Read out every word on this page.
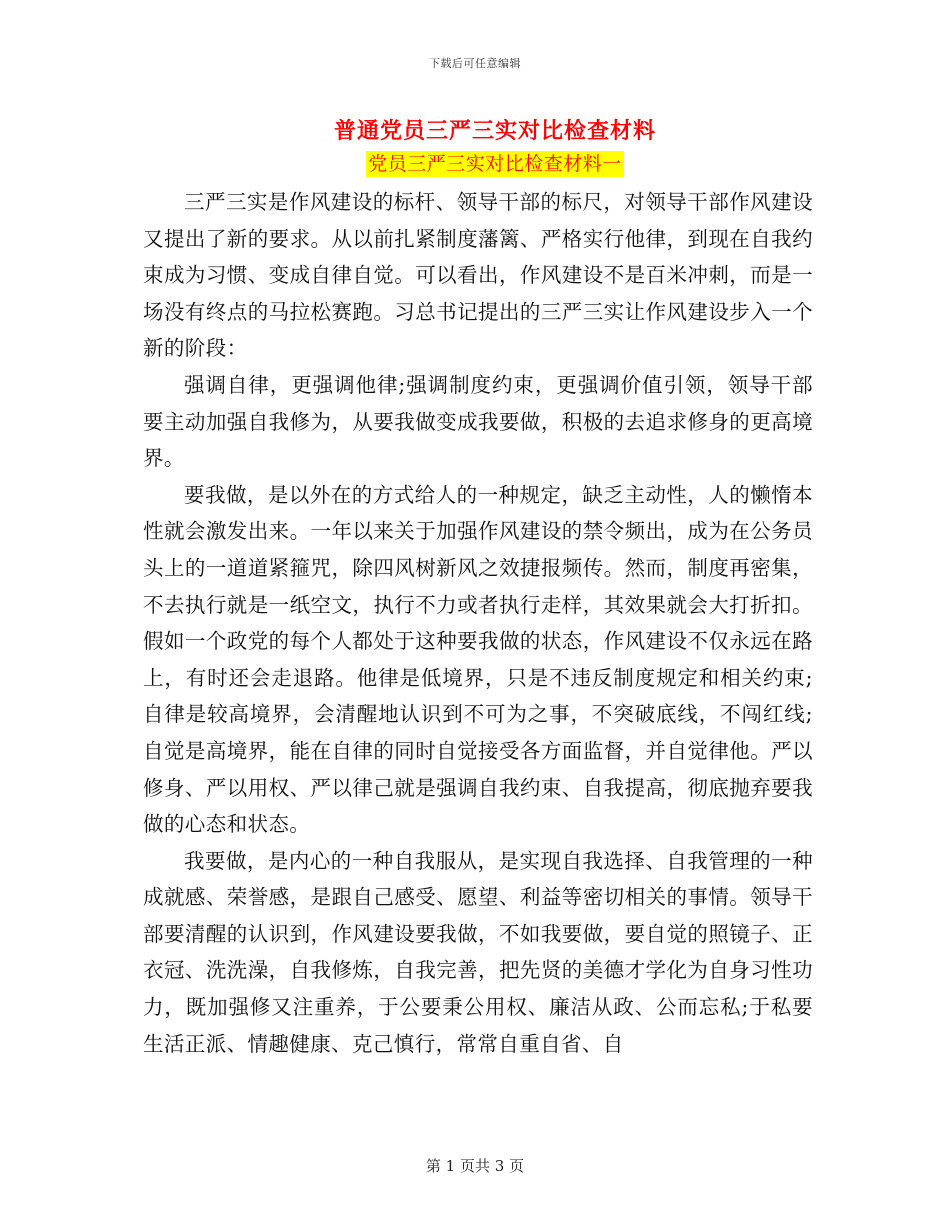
下载后可任意编辑
普通党员三严三实对比检查材料
党员三严三实对比检查材料一

三严三实是作风建设的标杆、领导干部的标尺，对领导干部作风建设又提出了新的要求。从以前扎紧制度藩篱、严格实行他律，到现在自我约束成为习惯、变成自律自觉。可以看出，作风建设不是百米冲刺，而是一场没有终点的马拉松赛跑。习总书记提出的三严三实让作风建设步入一个新的阶段：

强调自律，更强调他律;强调制度约束，更强调价值引领，领导干部要主动加强自我修为，从要我做变成我要做，积极的去追求修身的更高境界。

要我做，是以外在的方式给人的一种规定，缺乏主动性，人的懒惰本性就会激发出来。一年以来关于加强作风建设的禁令频出，成为在公务员头上的一道道紧箍咒，除四风树新风之效捷报频传。然而，制度再密集，不去执行就是一纸空文，执行不力或者执行走样，其效果就会大打折扣。假如一个政党的每个人都处于这种要我做的状态，作风建设不仅永远在路上，有时还会走退路。他律是低境界，只是不违反制度规定和相关约束;自律是较高境界，会清醒地认识到不可为之事，不突破底线，不闯红线;自觉是高境界，能在自律的同时自觉接受各方面监督，并自觉律他。严以修身、严以用权、严以律己就是强调自我约束、自我提高，彻底抛弃要我做的心态和状态。

我要做，是内心的一种自我服从，是实现自我选择、自我管理的一种成就感、荣誉感，是跟自己感受、愿望、利益等密切相关的事情。领导干部要清醒的认识到，作风建设要我做，不如我要做，要自觉的照镜子、正衣冠、洗洗澡，自我修炼，自我完善，把先贤的美德才学化为自身习性功力，既加强修又注重养，于公要秉公用权、廉洁从政、公而忘私;于私要生活正派、情趣健康、克己慎行，常常自重自省、自

第 1 页共 3 页
